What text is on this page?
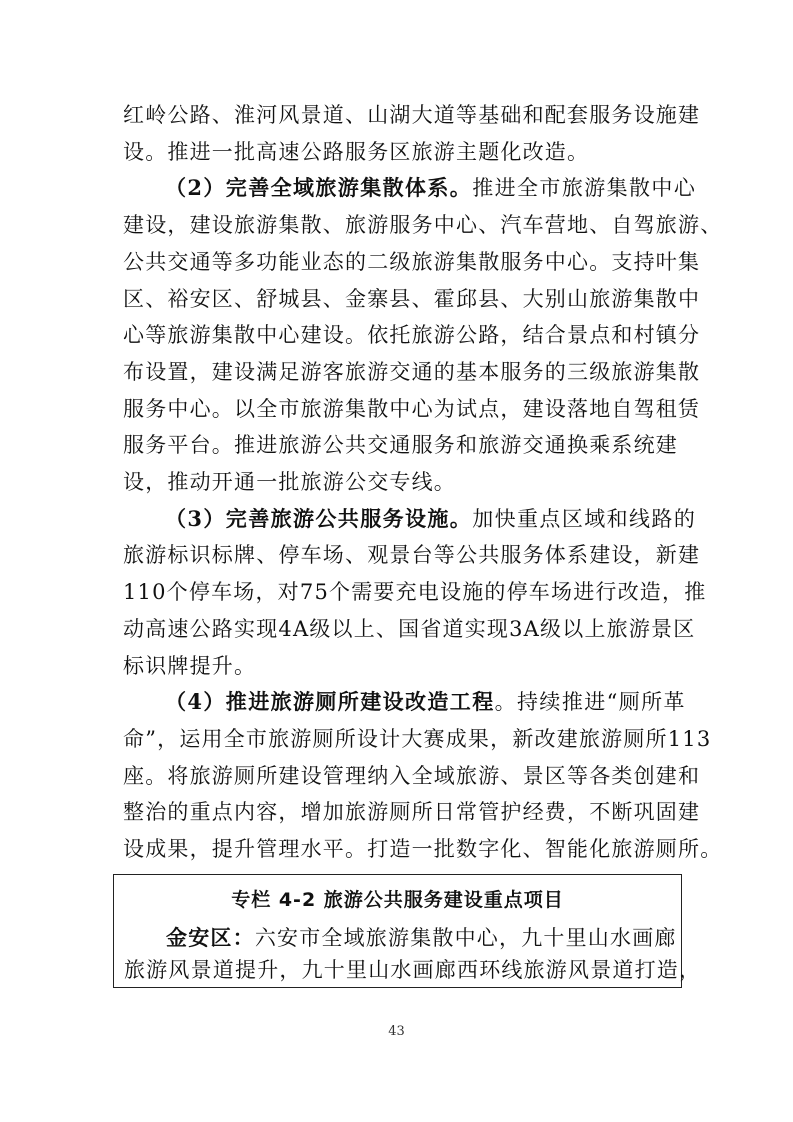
红岭公路、淮河风景道、山湖大道等基础和配套服务设施建
设。推进一批高速公路服务区旅游主题化改造。
（2）完善全域旅游集散体系。推进全市旅游集散中心
建设，建设旅游集散、旅游服务中心、汽车营地、自驾旅游、
公共交通等多功能业态的二级旅游集散服务中心。支持叶集
区、裕安区、舒城县、金寨县、霍邱县、大别山旅游集散中
心等旅游集散中心建设。依托旅游公路，结合景点和村镇分
布设置，建设满足游客旅游交通的基本服务的三级旅游集散
服务中心。以全市旅游集散中心为试点，建设落地自驾租赁
服务平台。推进旅游公共交通服务和旅游交通换乘系统建
设，推动开通一批旅游公交专线。
（3）完善旅游公共服务设施。加快重点区域和线路的
旅游标识标牌、停车场、观景台等公共服务体系建设，新建
110个停车场，对75个需要充电设施的停车场进行改造，推
动高速公路实现4A级以上、国省道实现3A级以上旅游景区
标识牌提升。
（4）推进旅游厕所建设改造工程。持续推进“厕所革
命”，运用全市旅游厕所设计大赛成果，新改建旅游厕所113
座。将旅游厕所建设管理纳入全域旅游、景区等各类创建和
整治的重点内容，增加旅游厕所日常管护经费，不断巩固建
专栏 4-2 旅游公共服务建设重点项目
金安区：六安市全域旅游集散中心，九十里山水画廊
旅游风景道提升，九十里山水画廊西环线旅游风景道打造，
43
设成果，提升管理水平。打造一批数字化、智能化旅游厕所。
